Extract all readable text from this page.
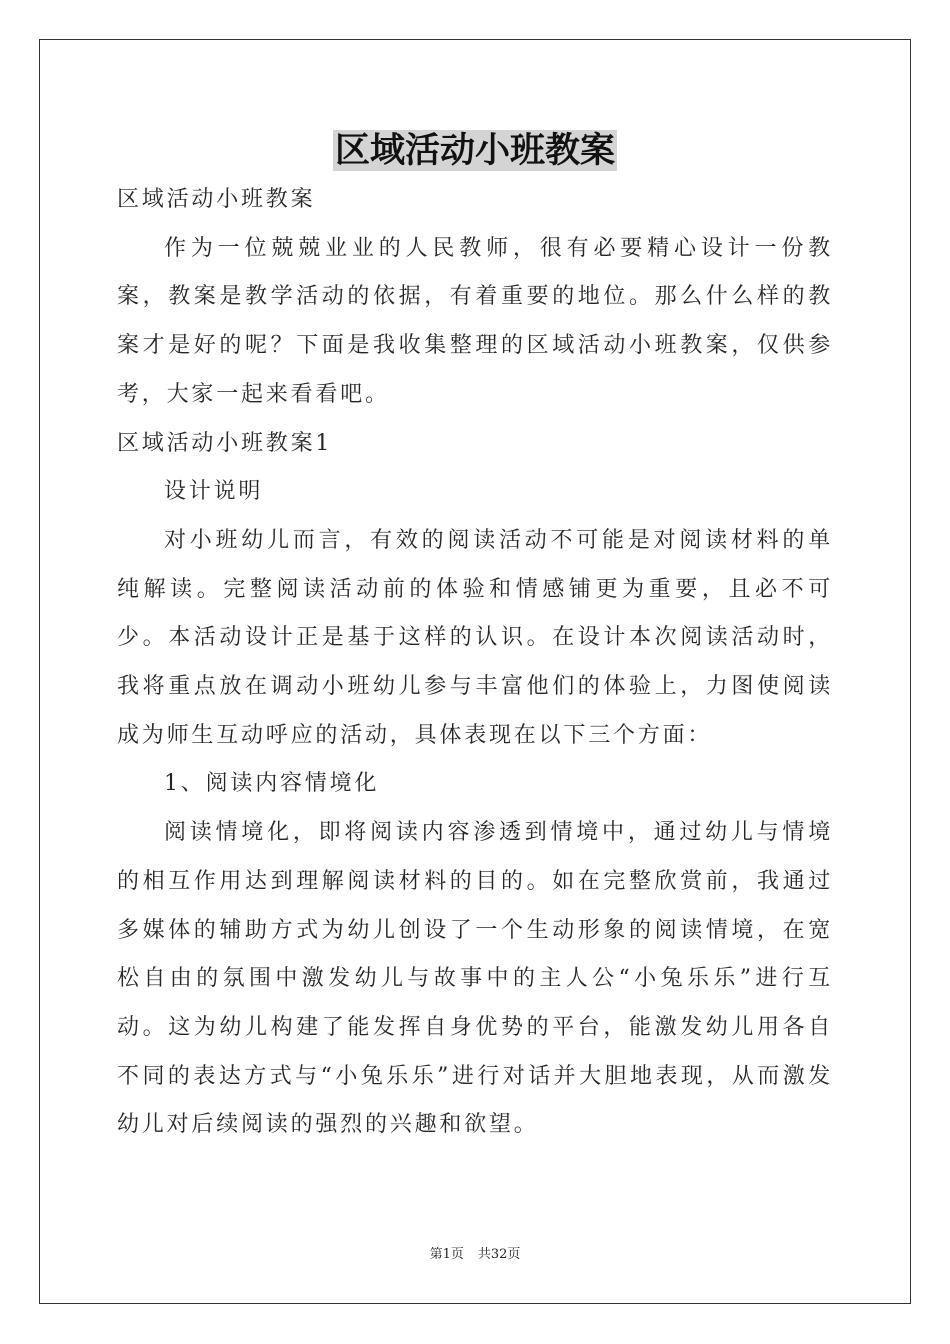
区域活动小班教案

区域活动小班教案

作为一位兢兢业业的人民教师，很有必要精心设计一份教案，教案是教学活动的依据，有着重要的地位。那么什么样的教案才是好的呢？下面是我收集整理的区域活动小班教案，仅供参考，大家一起来看看吧。

区域活动小班教案1

设计说明

对小班幼儿而言，有效的阅读活动不可能是对阅读材料的单纯解读。完整阅读活动前的体验和情感铺更为重要，且必不可少。本活动设计正是基于这样的认识。在设计本次阅读活动时，我将重点放在调动小班幼儿参与丰富他们的体验上，力图使阅读成为师生互动呼应的活动，具体表现在以下三个方面：

1、阅读内容情境化

阅读情境化，即将阅读内容渗透到情境中，通过幼儿与情境的相互作用达到理解阅读材料的目的。如在完整欣赏前，我通过多媒体的辅助方式为幼儿创设了一个生动形象的阅读情境，在宽松自由的氛围中激发幼儿与故事中的主人公“小兔乐乐”进行互动。这为幼儿构建了能发挥自身优势的平台，能激发幼儿用各自不同的表达方式与“小兔乐乐”进行对话并大胆地表现，从而激发幼儿对后续阅读的强烈的兴趣和欲望。

第1页 共32页
